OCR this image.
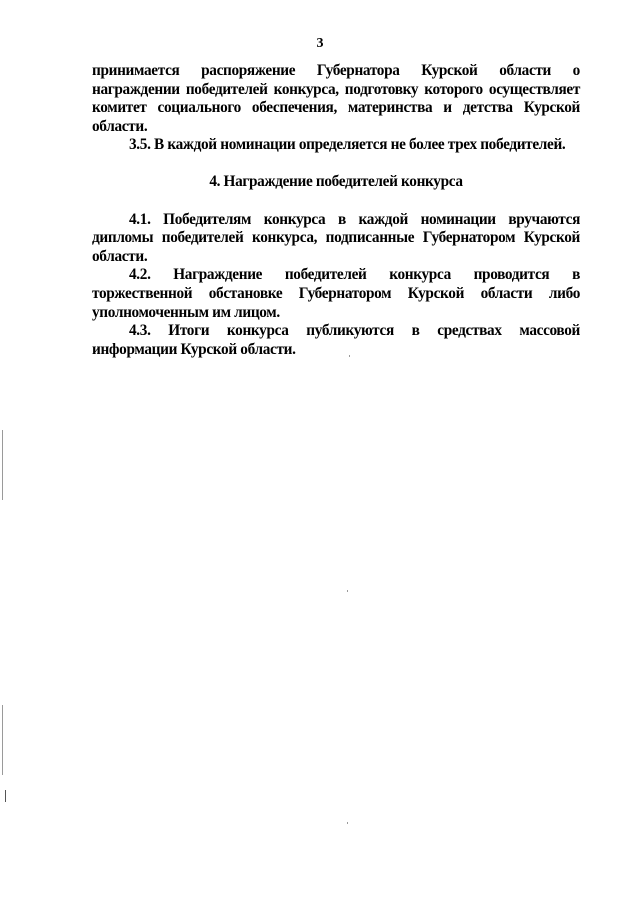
3

принимается распоряжение Губернатора Курской области о награждении победителей конкурса, подготовку которого осуществляет комитет социального обеспечения, материнства и детства Курской области.

3.5. В каждой номинации определяется не более трех победителей.

4. Награждение победителей конкурса

4.1. Победителям конкурса в каждой номинации вручаются дипломы победителей конкурса, подписанные Губернатором Курской области.

4.2. Награждение победителей конкурса проводится в торжественной обстановке Губернатором Курской области либо уполномоченным им лицом.

4.3. Итоги конкурса публикуются в средствах массовой информации Курской области.
